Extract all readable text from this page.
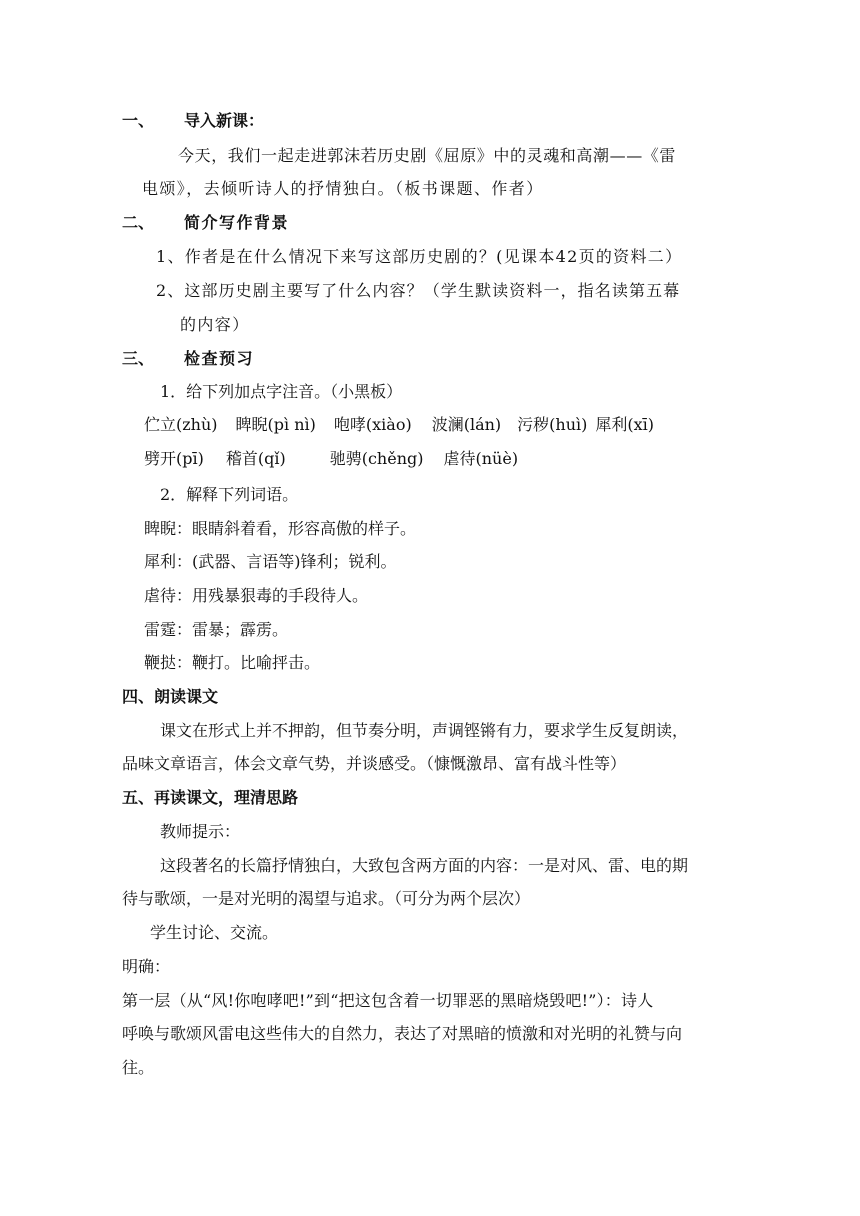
一、 导入新课：
今天，我们一起走进郭沫若历史剧《屈原》中的灵魂和高潮——《雷
电颂》，去倾听诗人的抒情独白。（板书课题、作者）
二、 简介写作背景
1、作者是在什么情况下来写这部历史剧的？(见课本42页的资料二）
2、这部历史剧主要写了什么内容？（学生默读资料一，指名读第五幕
的内容）
三、 检查预习
1．给下列加点字注音。（小黑板）
伫立(zhù) 睥睨(pì nì) 咆哮(xiào) 波澜(lán) 污秽(huì) 犀利(xī)
劈开(pī) 稽首(qǐ)	驰骋(chěng) 虐待(nüè)
2．解释下列词语。
睥睨：眼睛斜着看，形容高傲的样子。
犀利：(武器、言语等)锋利；锐利。
虐待：用残暴狠毒的手段待人。
雷霆：雷暴；霹雳。
鞭挞：鞭打。比喻抨击。
四、朗读课文
课文在形式上并不押韵，但节奏分明，声调铿锵有力，要求学生反复朗读，
品味文章语言，体会文章气势，并谈感受。（慷慨激昂、富有战斗性等）
五、再读课文，理清思路
教师提示：
这段著名的长篇抒情独白，大致包含两方面的内容：一是对风、雷、电的期
待与歌颂，一是对光明的渴望与追求。（可分为两个层次）
学生讨论、交流。
明确：
第一层（从“风!你咆哮吧!”到“把这包含着一切罪恶的黑暗烧毁吧!”）：诗人
呼唤与歌颂风雷电这些伟大的自然力，表达了对黑暗的愤激和对光明的礼赞与向
往。
